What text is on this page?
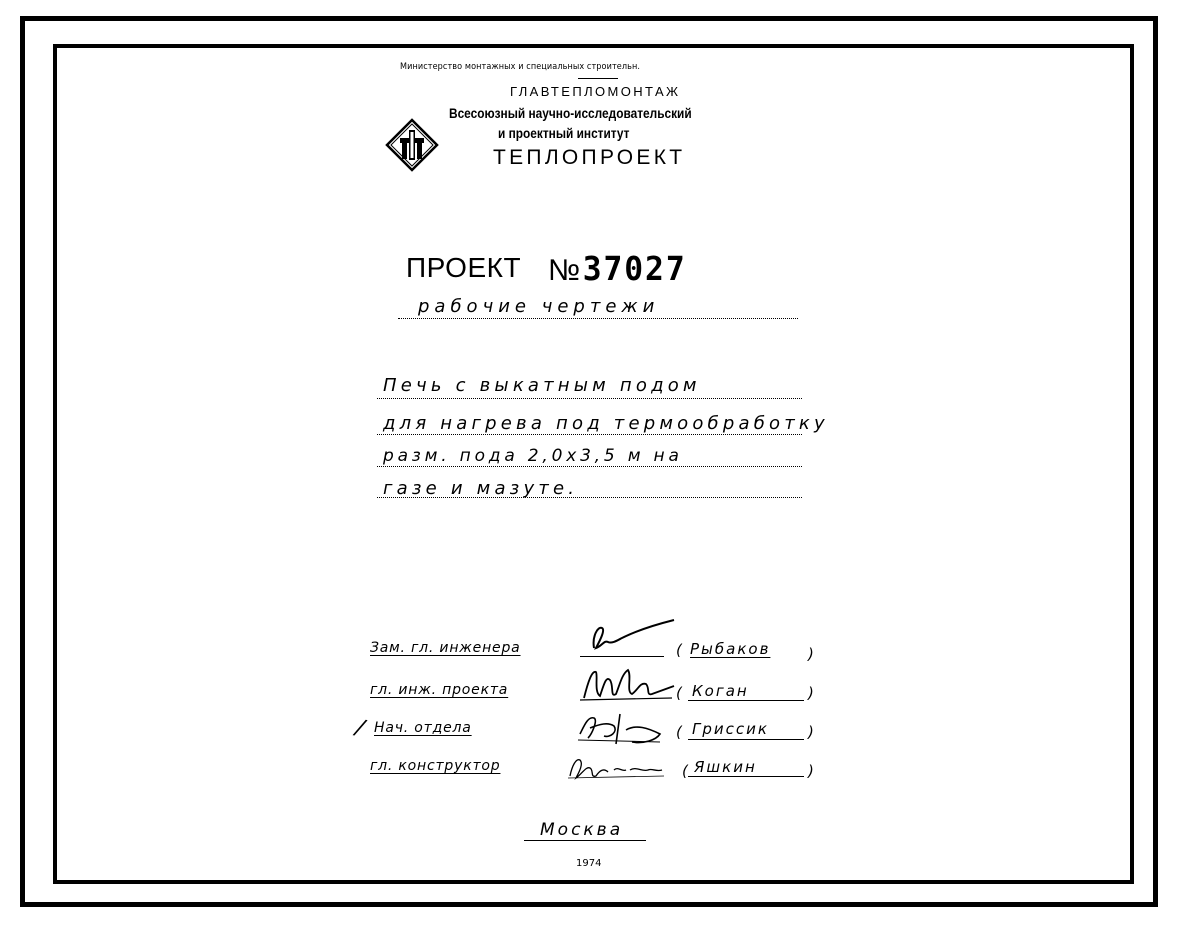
Министерство монтажных и специальных строительн.
ГЛАВТЕПЛОМОНТАЖ
Всесоюзный научно-исследовательский
и проектный институт
ТЕПЛОПРОЕКТ
ПРОЕКТ №37027
рабочие чертежи
Печь с выкатным подом
для нагрева под термообработку
разм. пода 2,0х3,5 м на
газе и мазуте.
Зам. гл. инженера	( Рыбаков	)
гл. инж. проекта	( Коган	)
/ Нач. отдела	( Гриссик	)
гл. конструктор	( Яшкин	)
Москва
1974
